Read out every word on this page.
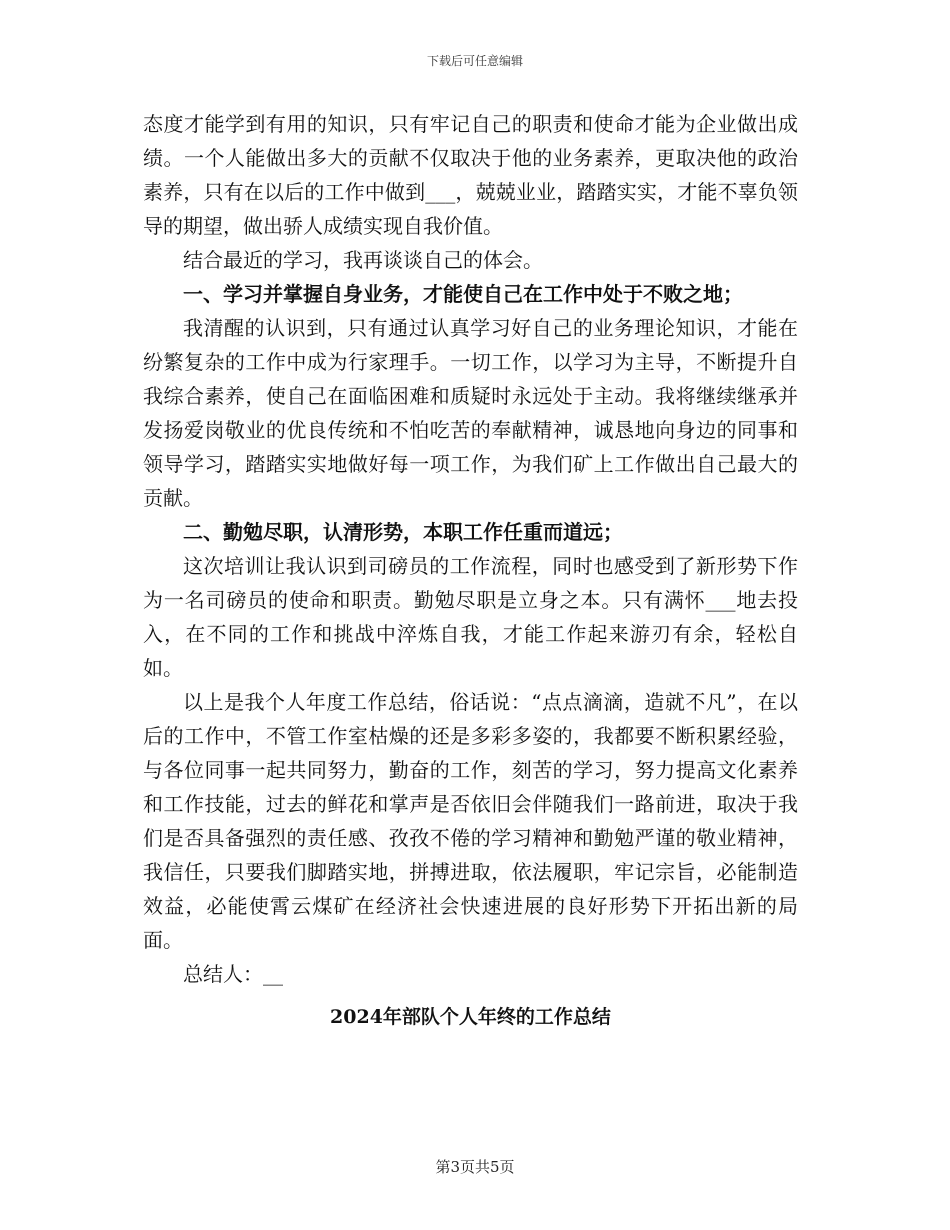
下载后可任意编辑

态度才能学到有用的知识，只有牢记自己的职责和使命才能为企业做出成绩。一个人能做出多大的贡献不仅取决于他的业务素养，更取决他的政治素养，只有在以后的工作中做到___，兢兢业业，踏踏实实，才能不辜负领导的期望，做出骄人成绩实现自我价值。

结合最近的学习，我再谈谈自己的体会。

一、学习并掌握自身业务，才能使自己在工作中处于不败之地；

我清醒的认识到，只有通过认真学习好自己的业务理论知识，才能在纷繁复杂的工作中成为行家理手。一切工作，以学习为主导，不断提升自我综合素养，使自己在面临困难和质疑时永远处于主动。我将继续继承并发扬爱岗敬业的优良传统和不怕吃苦的奉献精神，诚恳地向身边的同事和领导学习，踏踏实实地做好每一项工作，为我们矿上工作做出自己最大的贡献。

二、勤勉尽职，认清形势，本职工作任重而道远；

这次培训让我认识到司磅员的工作流程，同时也感受到了新形势下作为一名司磅员的使命和职责。勤勉尽职是立身之本。只有满怀___地去投入，在不同的工作和挑战中淬炼自我，才能工作起来游刃有余，轻松自如。

以上是我个人年度工作总结，俗话说：“点点滴滴，造就不凡”，在以后的工作中，不管工作室枯燥的还是多彩多姿的，我都要不断积累经验，与各位同事一起共同努力，勤奋的工作，刻苦的学习，努力提高文化素养和工作技能，过去的鲜花和掌声是否依旧会伴随我们一路前进，取决于我们是否具备强烈的责任感、孜孜不倦的学习精神和勤勉严谨的敬业精神，我信任，只要我们脚踏实地，拼搏进取，依法履职，牢记宗旨，必能制造效益，必能使霄云煤矿在经济社会快速进展的良好形势下开拓出新的局面。

总结人：__

2024年部队个人年终的工作总结

第3页共5页
